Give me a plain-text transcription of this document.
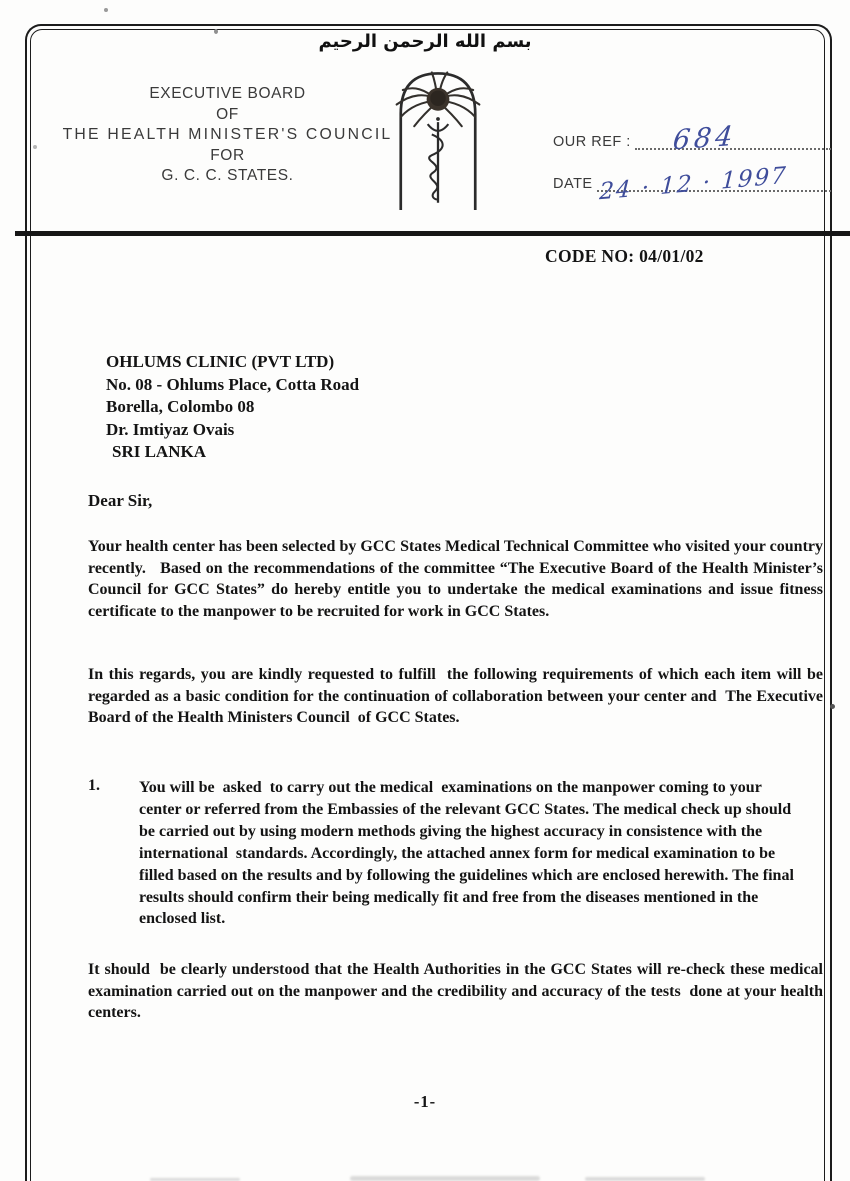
بسم الله الرحمن الرحيم
EXECUTIVE BOARD
OF
THE HEALTH MINISTER'S COUNCIL
FOR
G. C. C. STATES.
OUR REF : 684
DATE 24 · 12 · 1997
CODE NO: 04/01/02
OHLUMS CLINIC (PVT LTD)
No. 08 - Ohlums Place, Cotta Road
Borella, Colombo 08
Dr. Imtiyaz Ovais
SRI LANKA
Dear Sir,

Your health center has been selected by GCC States Medical Technical Committee who visited your country recently.   Based on the recommendations of the committee “The Executive Board of the Health Minister’s Council for GCC States” do hereby entitle you to undertake the medical examinations and issue fitness certificate to the manpower to be recruited for work in GCC States.

In this regards, you are kindly requested to fulfill  the following requirements of which each item will be regarded as a basic condition for the continuation of collaboration between your center and  The Executive Board of the Health Ministers Council  of GCC States.

1. You will be  asked  to carry out the medical  examinations on the manpower coming to your center or referred from the Embassies of the relevant GCC States. The medical check up should be carried out by using modern methods giving the highest accuracy in consistence with the international  standards. Accordingly, the attached annex form for medical examination to be filled based on the results and by following the guidelines which are enclosed herewith. The final results should confirm their being medically fit and free from the diseases mentioned in the enclosed list.

It should  be clearly understood that the Health Authorities in the GCC States will re-check these medical examination carried out on the manpower and the credibility and accuracy of the tests  done at your health centers.

-1-
